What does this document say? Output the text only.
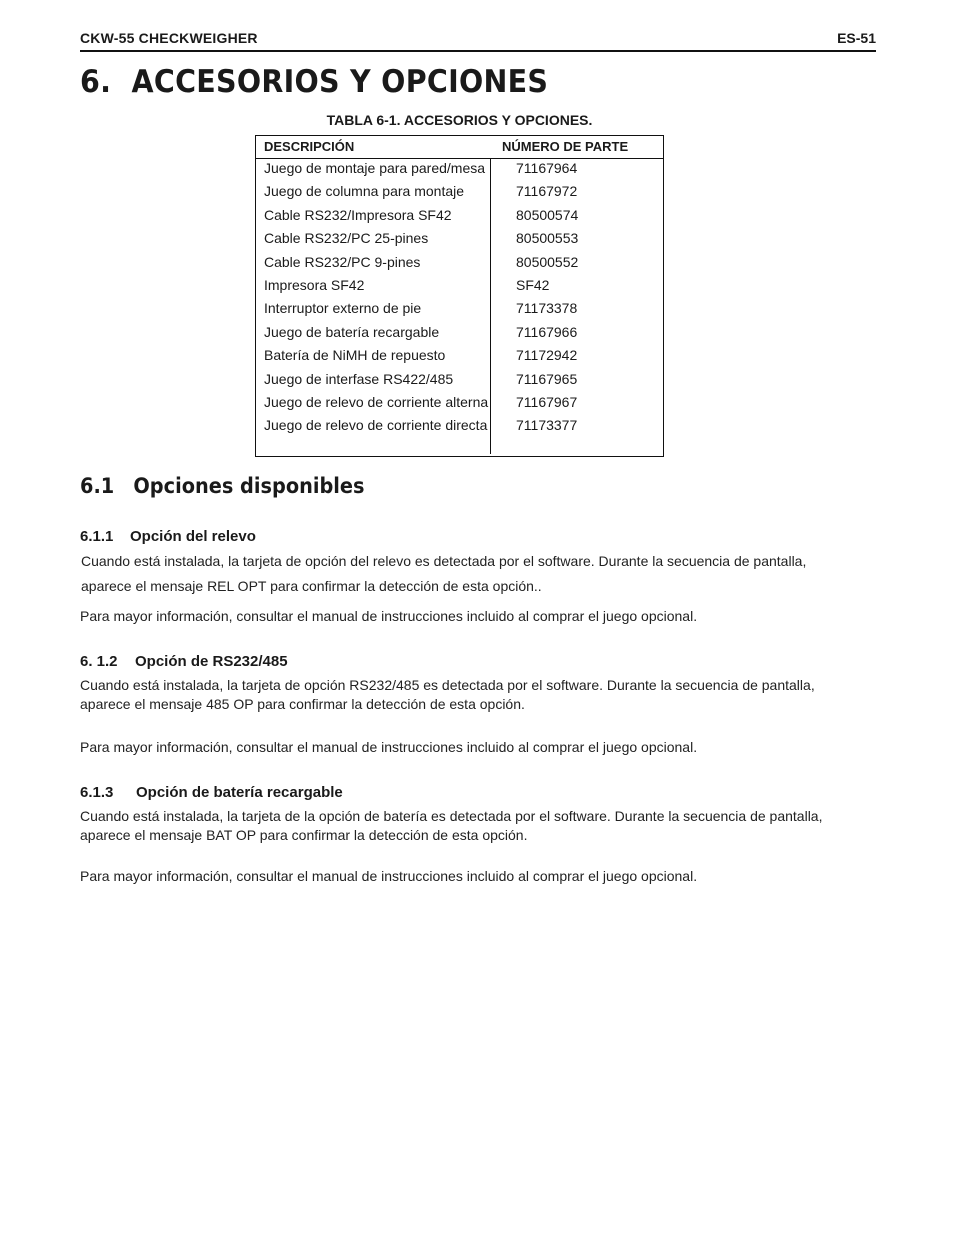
CKW-55 CHECKWEIGHER	ES-51
6. ACCESORIOS Y OPCIONES
TABLA 6-1. ACCESORIOS Y OPCIONES.
DESCRIPCIÓN	NÚMERO DE PARTE
Juego de montaje para pared/mesa	71167964
Juego de columna para montaje	71167972
Cable RS232/Impresora SF42	80500574
Cable RS232/PC 25-pines	80500553
Cable RS232/PC 9-pines	80500552
Impresora SF42	SF42
Interruptor externo de pie	71173378
Juego de batería recargable	71167966
Batería de NiMH de repuesto	71172942
Juego de interfase RS422/485	71167965
Juego de relevo de corriente alterna 71167967
Juego de relevo de corriente directa 71173377
6.1 Opciones disponibles
6.1.1 Opción del relevo

Cuando está instalada, la tarjeta de opción del relevo es detectada por el software. Durante la secuencia de pantalla,

aparece el mensaje REL OPT para confirmar la detección de esta opción..

Para mayor información, consultar el manual de instrucciones incluido al comprar el juego opcional.

6. 1.2 Opción de RS232/485

Cuando está instalada, la tarjeta de opción RS232/485 es detectada por el software. Durante la secuencia de pantalla,

aparece el mensaje 485 OP para confirmar la detección de esta opción.

Para mayor información, consultar el manual de instrucciones incluido al comprar el juego opcional.

6.1.3 Opción de batería recargable

Cuando está instalada, la tarjeta de la opción de batería es detectada por el software. Durante la secuencia de pantalla,

aparece el mensaje BAT OP para confirmar la detección de esta opción.

Para mayor información, consultar el manual de instrucciones incluido al comprar el juego opcional.
